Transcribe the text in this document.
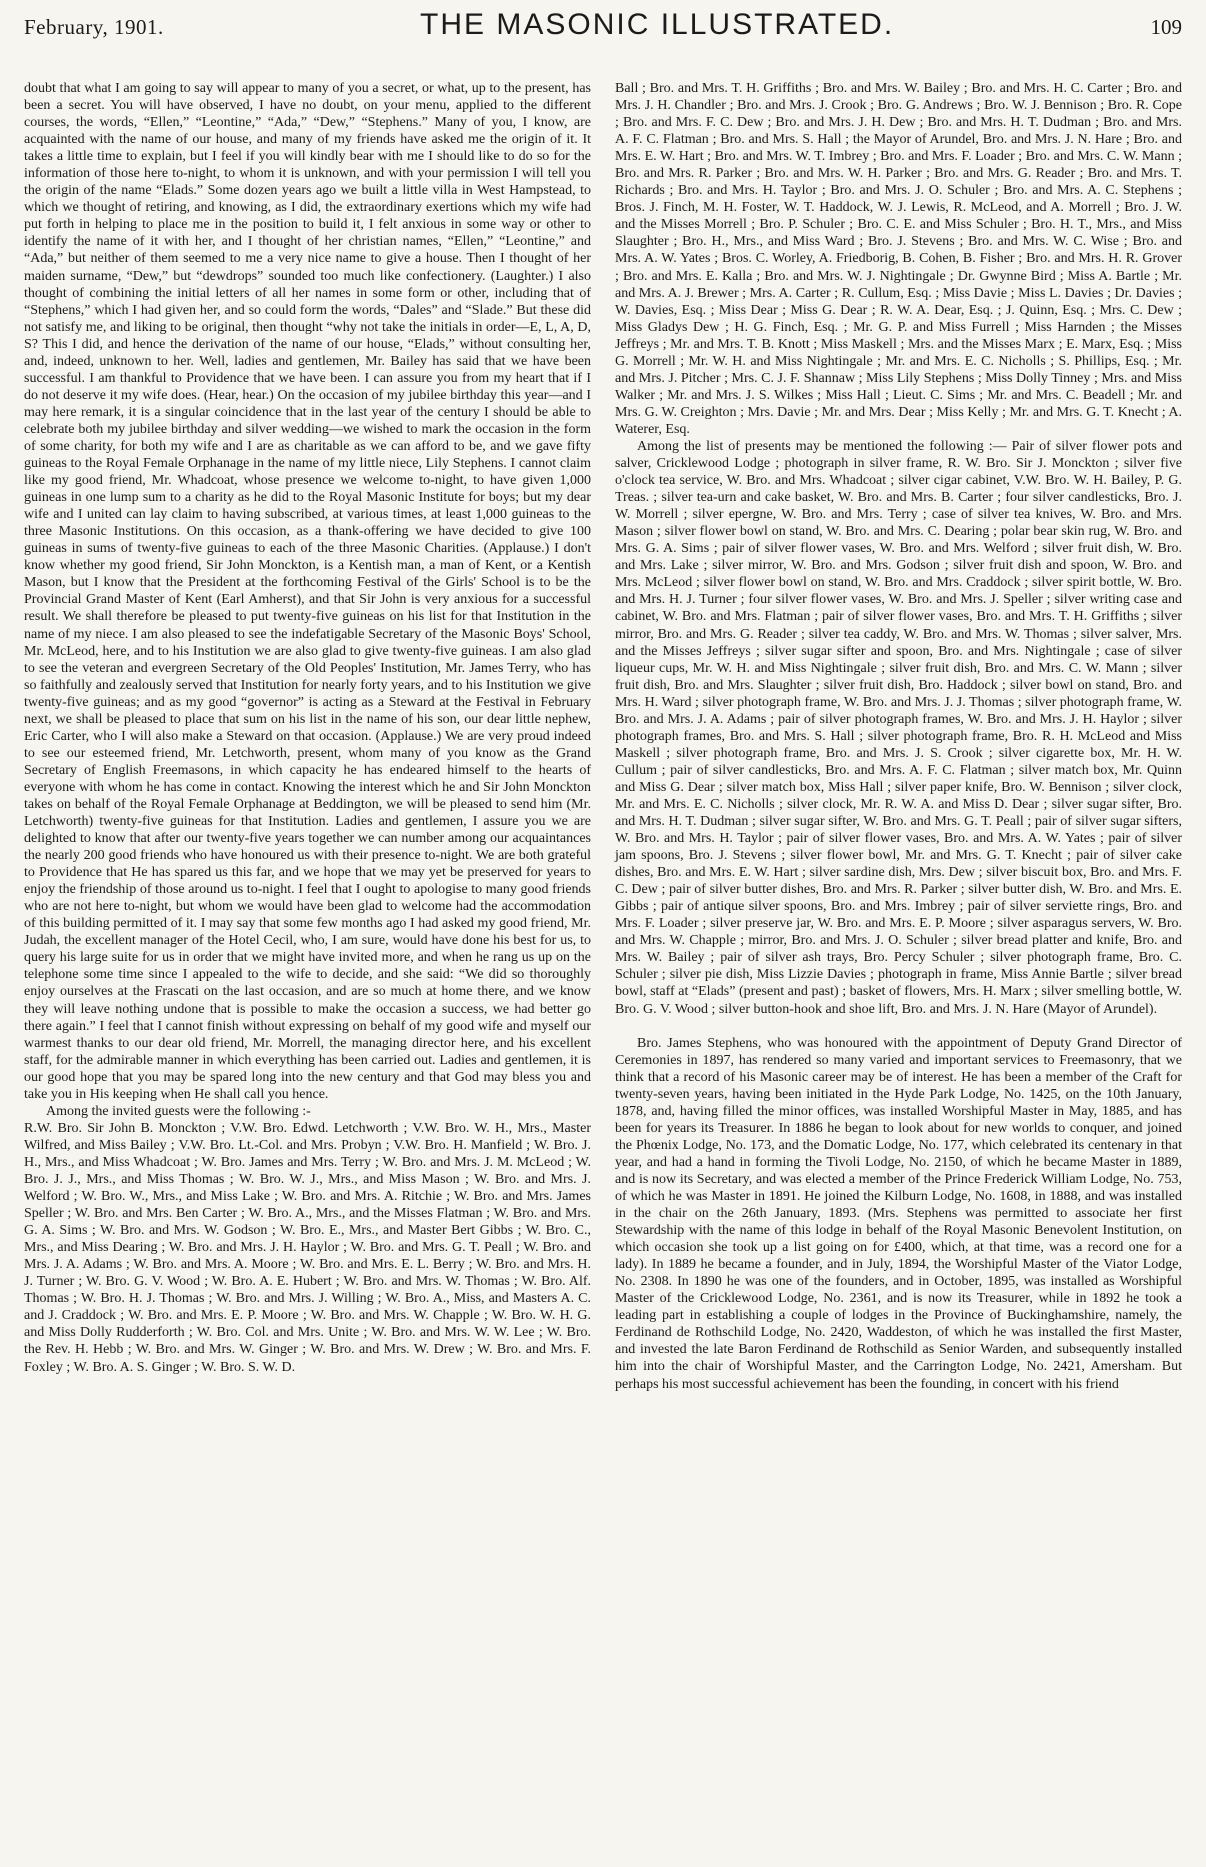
February, 1901.	THE MASONIC ILLUSTRATED.	109

doubt that what I am going to say will appear to many of you a secret, or what, up to the present, has been a secret. You will have observed, I have no doubt, on your menu, applied to the different courses, the words, “Ellen,” “Leontine,” “Ada,” “Dew,” “Stephens.” Many of you, I know, are acquainted with the name of our house, and many of my friends have asked me the origin of it. It takes a little time to explain, but I feel if you will kindly bear with me I should like to do so for the information of those here to-night, to whom it is unknown, and with your permission I will tell you the origin of the name “Elads.” Some dozen years ago we built a little villa in West Hampstead, to which we thought of retiring, and knowing, as I did, the extraordinary exertions which my wife had put forth in helping to place me in the position to build it, I felt anxious in some way or other to identify the name of it with her, and I thought of her christian names, “Ellen,” “Leontine,” and “Ada,” but neither of them seemed to me a very nice name to give a house. Then I thought of her maiden surname, “Dew,” but “dewdrops” sounded too much like confectionery. (Laughter.) I also thought of combining the initial letters of all her names in some form or other, including that of “Stephens,” which I had given her, and so could form the words, “Dales” and “Slade.” But these did not satisfy me, and liking to be original, then thought “why not take the initials in order—E, L, A, D, S? This I did, and hence the derivation of the name of our house, “Elads,” without consulting her, and, indeed, unknown to her. Well, ladies and gentlemen, Mr. Bailey has said that we have been successful. I am thankful to Providence that we have been. I can assure you from my heart that if I do not deserve it my wife does. (Hear, hear.) On the occasion of my jubilee birthday this year—and I may here remark, it is a singular coincidence that in the last year of the century I should be able to celebrate both my jubilee birthday and silver wedding—we wished to mark the occasion in the form of some charity, for both my wife and I are as charitable as we can afford to be, and we gave fifty guineas to the Royal Female Orphanage in the name of my little niece, Lily Stephens. I cannot claim like my good friend, Mr. Whadcoat, whose presence we welcome to-night, to have given 1,000 guineas in one lump sum to a charity as he did to the Royal Masonic Institute for boys; but my dear wife and I united can lay claim to having subscribed, at various times, at least 1,000 guineas to the three Masonic Institutions. On this occasion, as a thank-offering we have decided to give 100 guineas in sums of twenty-five guineas to each of the three Masonic Charities. (Applause.) I don't know whether my good friend, Sir John Monckton, is a Kentish man, a man of Kent, or a Kentish Mason, but I know that the President at the forthcoming Festival of the Girls' School is to be the Provincial Grand Master of Kent (Earl Amherst), and that Sir John is very anxious for a successful result. We shall therefore be pleased to put twenty-five guineas on his list for that Institution in the name of my niece. I am also pleased to see the indefatigable Secretary of the Masonic Boys' School, Mr. McLeod, here, and to his Institution we are also glad to give twenty-five guineas. I am also glad to see the veteran and evergreen Secretary of the Old Peoples' Institution, Mr. James Terry, who has so faithfully and zealously served that Institution for nearly forty years, and to his Institution we give twenty-five guineas; and as my good “governor” is acting as a Steward at the Festival in February next, we shall be pleased to place that sum on his list in the name of his son, our dear little nephew, Eric Carter, who I will also make a Steward on that occasion. (Applause.) We are very proud indeed to see our esteemed friend, Mr. Letchworth, present, whom many of you know as the Grand Secretary of English Freemasons, in which capacity he has endeared himself to the hearts of everyone with whom he has come in contact. Knowing the interest which he and Sir John Monckton takes on behalf of the Royal Female Orphanage at Beddington, we will be pleased to send him (Mr. Letchworth) twenty-five guineas for that Institution. Ladies and gentlemen, I assure you we are delighted to know that after our twenty-five years together we can number among our acquaintances the nearly 200 good friends who have honoured us with their presence to-night. We are both grateful to Providence that He has spared us this far, and we hope that we may yet be preserved for years to enjoy the friendship of those around us to-night. I feel that I ought to apologise to many good friends who are not here to-night, but whom we would have been glad to welcome had the accommodation of this building permitted of it. I may say that some few months ago I had asked my good friend, Mr. Judah, the excellent manager of the Hotel Cecil, who, I am sure, would have done his best for us, to query his large suite for us in order that we might have invited more, and when he rang us up on the telephone some time since I appealed to the wife to decide, and she said: “We did so thoroughly enjoy ourselves at the Frascati on the last occasion, and are so much at home there, and we know they will leave nothing undone that is possible to make the occasion a success, we had better go there again.” I feel that I cannot finish without expressing on behalf of my good wife and myself our warmest thanks to our dear old friend, Mr. Morrell, the managing director here, and his excellent staff, for the admirable manner in which everything has been carried out. Ladies and gentlemen, it is our good hope that you may be spared long into the new century and that God may bless you and take you in His keeping when He shall call you hence.

Among the invited guests were the following :-

R.W. Bro. Sir John B. Monckton ; V.W. Bro. Edwd. Letchworth ; V.W. Bro. W. H., Mrs., Master Wilfred, and Miss Bailey ; V.W. Bro. Lt.-Col. and Mrs. Probyn ; V.W. Bro. H. Manfield ; W. Bro. J. H., Mrs., and Miss Whadcoat ; W. Bro. James and Mrs. Terry ; W. Bro. and Mrs. J. M. McLeod ; W. Bro. J. J., Mrs., and Miss Thomas ; W. Bro. W. J., Mrs., and Miss Mason ; W. Bro. and Mrs. J. Welford ; W. Bro. W., Mrs., and Miss Lake ; W. Bro. and Mrs. A. Ritchie ; W. Bro. and Mrs. James Speller ; W. Bro. and Mrs. Ben Carter ; W. Bro. A., Mrs., and the Misses Flatman ; W. Bro. and Mrs. G. A. Sims ; W. Bro. and Mrs. W. Godson ; W. Bro. E., Mrs., and Master Bert Gibbs ; W. Bro. C., Mrs., and Miss Dearing ; W. Bro. and Mrs. J. H. Haylor ; W. Bro. and Mrs. G. T. Peall ; W. Bro. and Mrs. J. A. Adams ; W. Bro. and Mrs. A. Moore ; W. Bro. and Mrs. E. L. Berry ; W. Bro. and Mrs. H. J. Turner ; W. Bro. G. V. Wood ; W. Bro. A. E. Hubert ; W. Bro. and Mrs. W. Thomas ; W. Bro. Alf. Thomas ; W. Bro. H. J. Thomas ; W. Bro. and Mrs. J. Willing ; W. Bro. A., Miss, and Masters A. C. and J. Craddock ; W. Bro. and Mrs. E. P. Moore ; W. Bro. and Mrs. W. Chapple ; W. Bro. W. H. G. and Miss Dolly Rudderforth ; W. Bro. Col. and Mrs. Unite ; W. Bro. and Mrs. W. W. Lee ; W. Bro. the Rev. H. Hebb ; W. Bro. and Mrs. W. Ginger ; W. Bro. and Mrs. W. Drew ; W. Bro. and Mrs. F. Foxley ; W. Bro. A. S. Ginger ; W. Bro. S. W. D.

Ball ; Bro. and Mrs. T. H. Griffiths ; Bro. and Mrs. W. Bailey ; Bro. and Mrs. H. C. Carter ; Bro. and Mrs. J. H. Chandler ; Bro. and Mrs. J. Crook ; Bro. G. Andrews ; Bro. W. J. Bennison ; Bro. R. Cope ; Bro. and Mrs. F. C. Dew ; Bro. and Mrs. J. H. Dew ; Bro. and Mrs. H. T. Dudman ; Bro. and Mrs. A. F. C. Flatman ; Bro. and Mrs. S. Hall ; the Mayor of Arundel, Bro. and Mrs. J. N. Hare ; Bro. and Mrs. E. W. Hart ; Bro. and Mrs. W. T. Imbrey ; Bro. and Mrs. F. Loader ; Bro. and Mrs. C. W. Mann ; Bro. and Mrs. R. Parker ; Bro. and Mrs. W. H. Parker ; Bro. and Mrs. G. Reader ; Bro. and Mrs. T. Richards ; Bro. and Mrs. H. Taylor ; Bro. and Mrs. J. O. Schuler ; Bro. and Mrs. A. C. Stephens ; Bros. J. Finch, M. H. Foster, W. T. Haddock, W. J. Lewis, R. McLeod, and A. Morrell ; Bro. J. W. and the Misses Morrell ; Bro. P. Schuler ; Bro. C. E. and Miss Schuler ; Bro. H. T., Mrs., and Miss Slaughter ; Bro. H., Mrs., and Miss Ward ; Bro. J. Stevens ; Bro. and Mrs. W. C. Wise ; Bro. and Mrs. A. W. Yates ; Bros. C. Worley, A. Friedborig, B. Cohen, B. Fisher ; Bro. and Mrs. H. R. Grover ; Bro. and Mrs. E. Kalla ; Bro. and Mrs. W. J. Nightingale ; Dr. Gwynne Bird ; Miss A. Bartle ; Mr. and Mrs. A. J. Brewer ; Mrs. A. Carter ; R. Cullum, Esq. ; Miss Davie ; Miss L. Davies ; Dr. Davies ; W. Davies, Esq. ; Miss Dear ; Miss G. Dear ; R. W. A. Dear, Esq. ; J. Quinn, Esq. ; Mrs. C. Dew ; Miss Gladys Dew ; H. G. Finch, Esq. ; Mr. G. P. and Miss Furrell ; Miss Harnden ; the Misses Jeffreys ; Mr. and Mrs. T. B. Knott ; Miss Maskell ; Mrs. and the Misses Marx ; E. Marx, Esq. ; Miss G. Morrell ; Mr. W. H. and Miss Nightingale ; Mr. and Mrs. E. C. Nicholls ; S. Phillips, Esq. ; Mr. and Mrs. J. Pitcher ; Mrs. C. J. F. Shannaw ; Miss Lily Stephens ; Miss Dolly Tinney ; Mrs. and Miss Walker ; Mr. and Mrs. J. S. Wilkes ; Miss Hall ; Lieut. C. Sims ; Mr. and Mrs. C. Beadell ; Mr. and Mrs. G. W. Creighton ; Mrs. Davie ; Mr. and Mrs. Dear ; Miss Kelly ; Mr. and Mrs. G. T. Knecht ; A. Waterer, Esq.

Among the list of presents may be mentioned the following :— Pair of silver flower pots and salver, Cricklewood Lodge ; photograph in silver frame, R. W. Bro. Sir J. Monckton ; silver five o'clock tea service, W. Bro. and Mrs. Whadcoat ; silver cigar cabinet, V.W. Bro. W. H. Bailey, P. G. Treas. ; silver tea-urn and cake basket, W. Bro. and Mrs. B. Carter ; four silver candlesticks, Bro. J. W. Morrell ; silver epergne, W. Bro. and Mrs. Terry ; case of silver tea knives, W. Bro. and Mrs. Mason ; silver flower bowl on stand, W. Bro. and Mrs. C. Dearing ; polar bear skin rug, W. Bro. and Mrs. G. A. Sims ; pair of silver flower vases, W. Bro. and Mrs. Welford ; silver fruit dish, W. Bro. and Mrs. Lake ; silver mirror, W. Bro. and Mrs. Godson ; silver fruit dish and spoon, W. Bro. and Mrs. McLeod ; silver flower bowl on stand, W. Bro. and Mrs. Craddock ; silver spirit bottle, W. Bro. and Mrs. H. J. Turner ; four silver flower vases, W. Bro. and Mrs. J. Speller ; silver writing case and cabinet, W. Bro. and Mrs. Flatman ; pair of silver flower vases, Bro. and Mrs. T. H. Griffiths ; silver mirror, Bro. and Mrs. G. Reader ; silver tea caddy, W. Bro. and Mrs. W. Thomas ; silver salver, Mrs. and the Misses Jeffreys ; silver sugar sifter and spoon, Bro. and Mrs. Nightingale ; case of silver liqueur cups, Mr. W. H. and Miss Nightingale ; silver fruit dish, Bro. and Mrs. C. W. Mann ; silver fruit dish, Bro. and Mrs. Slaughter ; silver fruit dish, Bro. Haddock ; silver bowl on stand, Bro. and Mrs. H. Ward ; silver photograph frame, W. Bro. and Mrs. J. J. Thomas ; silver photograph frame, W. Bro. and Mrs. J. A. Adams ; pair of silver photograph frames, W. Bro. and Mrs. J. H. Haylor ; silver photograph frames, Bro. and Mrs. S. Hall ; silver photograph frame, Bro. R. H. McLeod and Miss Maskell ; silver photograph frame, Bro. and Mrs. J. S. Crook ; silver cigarette box, Mr. H. W. Cullum ; pair of silver candlesticks, Bro. and Mrs. A. F. C. Flatman ; silver match box, Mr. Quinn and Miss G. Dear ; silver match box, Miss Hall ; silver paper knife, Bro. W. Bennison ; silver clock, Mr. and Mrs. E. C. Nicholls ; silver clock, Mr. R. W. A. and Miss D. Dear ; silver sugar sifter, Bro. and Mrs. H. T. Dudman ; silver sugar sifter, W. Bro. and Mrs. G. T. Peall ; pair of silver sugar sifters, W. Bro. and Mrs. H. Taylor ; pair of silver flower vases, Bro. and Mrs. A. W. Yates ; pair of silver jam spoons, Bro. J. Stevens ; silver flower bowl, Mr. and Mrs. G. T. Knecht ; pair of silver cake dishes, Bro. and Mrs. E. W. Hart ; silver sardine dish, Mrs. Dew ; silver biscuit box, Bro. and Mrs. F. C. Dew ; pair of silver butter dishes, Bro. and Mrs. R. Parker ; silver butter dish, W. Bro. and Mrs. E. Gibbs ; pair of antique silver spoons, Bro. and Mrs. Imbrey ; pair of silver serviette rings, Bro. and Mrs. F. Loader ; silver preserve jar, W. Bro. and Mrs. E. P. Moore ; silver asparagus servers, W. Bro. and Mrs. W. Chapple ; mirror, Bro. and Mrs. J. O. Schuler ; silver bread platter and knife, Bro. and Mrs. W. Bailey ; pair of silver ash trays, Bro. Percy Schuler ; silver photograph frame, Bro. C. Schuler ; silver pie dish, Miss Lizzie Davies ; photograph in frame, Miss Annie Bartle ; silver bread bowl, staff at “Elads” (present and past) ; basket of flowers, Mrs. H. Marx ; silver smelling bottle, W. Bro. G. V. Wood ; silver button-hook and shoe lift, Bro. and Mrs. J. N. Hare (Mayor of Arundel).

Bro. James Stephens, who was honoured with the appointment of Deputy Grand Director of Ceremonies in 1897, has rendered so many varied and important services to Freemasonry, that we think that a record of his Masonic career may be of interest. He has been a member of the Craft for twenty-seven years, having been initiated in the Hyde Park Lodge, No. 1425, on the 10th January, 1878, and, having filled the minor offices, was installed Worshipful Master in May, 1885, and has been for years its Treasurer. In 1886 he began to look about for new worlds to conquer, and joined the Phœnix Lodge, No. 173, and the Domatic Lodge, No. 177, which celebrated its centenary in that year, and had a hand in forming the Tivoli Lodge, No. 2150, of which he became Master in 1889, and is now its Secretary, and was elected a member of the Prince Frederick William Lodge, No. 753, of which he was Master in 1891. He joined the Kilburn Lodge, No. 1608, in 1888, and was installed in the chair on the 26th January, 1893. (Mrs. Stephens was permitted to associate her first Stewardship with the name of this lodge in behalf of the Royal Masonic Benevolent Institution, on which occasion she took up a list going on for £400, which, at that time, was a record one for a lady). In 1889 he became a founder, and in July, 1894, the Worshipful Master of the Viator Lodge, No. 2308. In 1890 he was one of the founders, and in October, 1895, was installed as Worshipful Master of the Cricklewood Lodge, No. 2361, and is now its Treasurer, while in 1892 he took a leading part in establishing a couple of lodges in the Province of Buckinghamshire, namely, the Ferdinand de Rothschild Lodge, No. 2420, Waddeston, of which he was installed the first Master, and invested the late Baron Ferdinand de Rothschild as Senior Warden, and subsequently installed him into the chair of Worshipful Master, and the Carrington Lodge, No. 2421, Amersham. But perhaps his most successful achievement has been the founding, in concert with his friend
